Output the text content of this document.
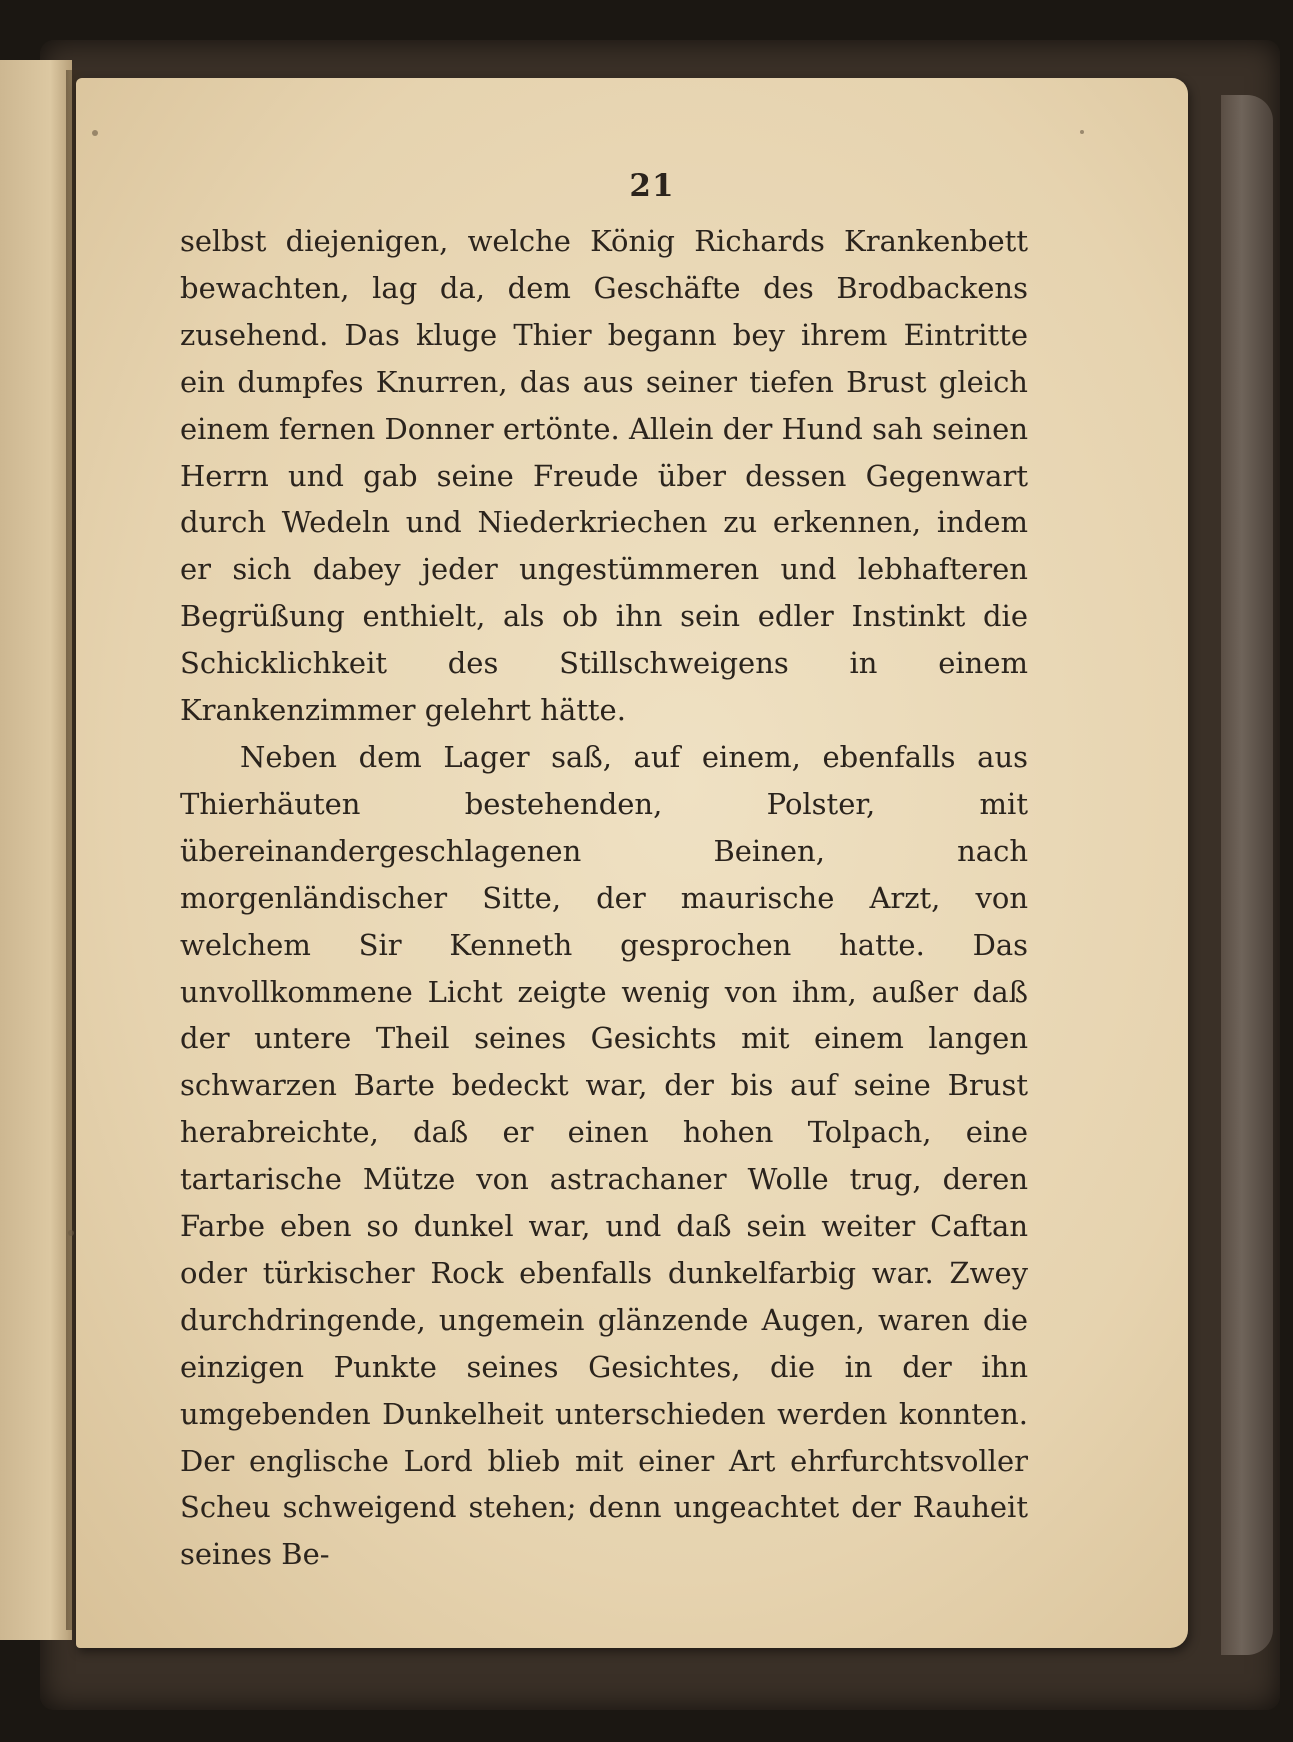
21

selbst diejenigen, welche König Richards Krankenbett bewachten, lag da, dem Geschäfte des Brodbackens zusehend. Das kluge Thier begann bey ihrem Eintritte ein dumpfes Knurren, das aus seiner tiefen Brust gleich einem fernen Donner ertönte. Allein der Hund sah seinen Herrn und gab seine Freude über dessen Gegenwart durch Wedeln und Niederkriechen zu erkennen, indem er sich dabey jeder ungestümmeren und lebhafteren Begrüßung enthielt, als ob ihn sein edler Instinkt die Schicklichkeit des Stillschweigens in einem Krankenzimmer gelehrt hätte.

Neben dem Lager saß, auf einem, ebenfalls aus Thierhäuten bestehenden, Polster, mit übereinandergeschlagenen Beinen, nach morgenländischer Sitte, der maurische Arzt, von welchem Sir Kenneth gesprochen hatte. Das unvollkommene Licht zeigte wenig von ihm, außer daß der untere Theil seines Gesichts mit einem langen schwarzen Barte bedeckt war, der bis auf seine Brust herabreichte, daß er einen hohen Tolpach, eine tartarische Mütze von astrachaner Wolle trug, deren Farbe eben so dunkel war, und daß sein weiter Caftan oder türkischer Rock ebenfalls dunkelfarbig war. Zwey durchdringende, ungemein glänzende Augen, waren die einzigen Punkte seines Gesichtes, die in der ihn umgebenden Dunkelheit unterschieden werden konnten. Der englische Lord blieb mit einer Art ehrfurchtsvoller Scheu schweigend stehen; denn ungeachtet der Rauheit seines Be-
